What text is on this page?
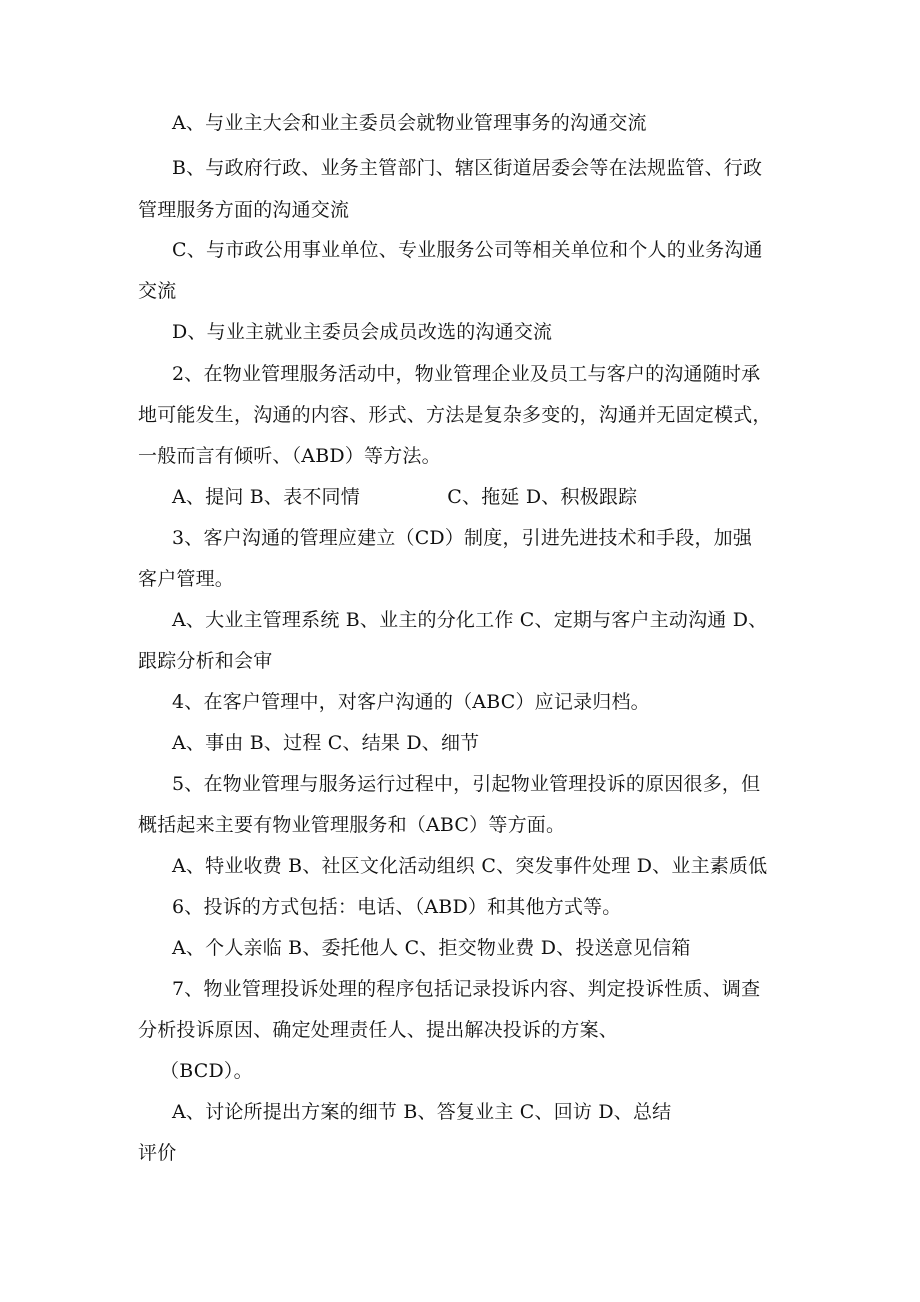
A、与业主大会和业主委员会就物业管理事务的沟通交流
B、与政府行政、业务主管部门、辖区街道居委会等在法规监管、行政
管理服务方面的沟通交流
C、与市政公用事业单位、专业服务公司等相关单位和个人的业务沟通
交流
D、与业主就业主委员会成员改选的沟通交流
2、在物业管理服务活动中，物业管理企业及员工与客户的沟通随时承
地可能发生，沟通的内容、形式、方法是复杂多变的，沟通并无固定模式，
一般而言有倾听、（ABD）等方法。
A、提问 B、表不同情              C、拖延 D、积极跟踪
3、客户沟通的管理应建立（CD）制度，引进先进技术和手段，加强
客户管理。
A、大业主管理系统 B、业主的分化工作 C、定期与客户主动沟通 D、
跟踪分析和会审
4、在客户管理中，对客户沟通的（ABC）应记录归档。
A、事由 B、过程 C、结果 D、细节
5、在物业管理与服务运行过程中，引起物业管理投诉的原因很多，但
概括起来主要有物业管理服务和（ABC）等方面。
A、特业收费 B、社区文化活动组织 C、突发事件处理 D、业主素质低
6、投诉的方式包括：电话、（ABD）和其他方式等。
A、个人亲临 B、委托他人 C、拒交物业费 D、投送意见信箱
7、物业管理投诉处理的程序包括记录投诉内容、判定投诉性质、调查
分析投诉原因、确定处理责任人、提出解决投诉的方案、
（BCD）。
A、讨论所提出方案的细节 B、答复业主 C、回访 D、总结
评价
